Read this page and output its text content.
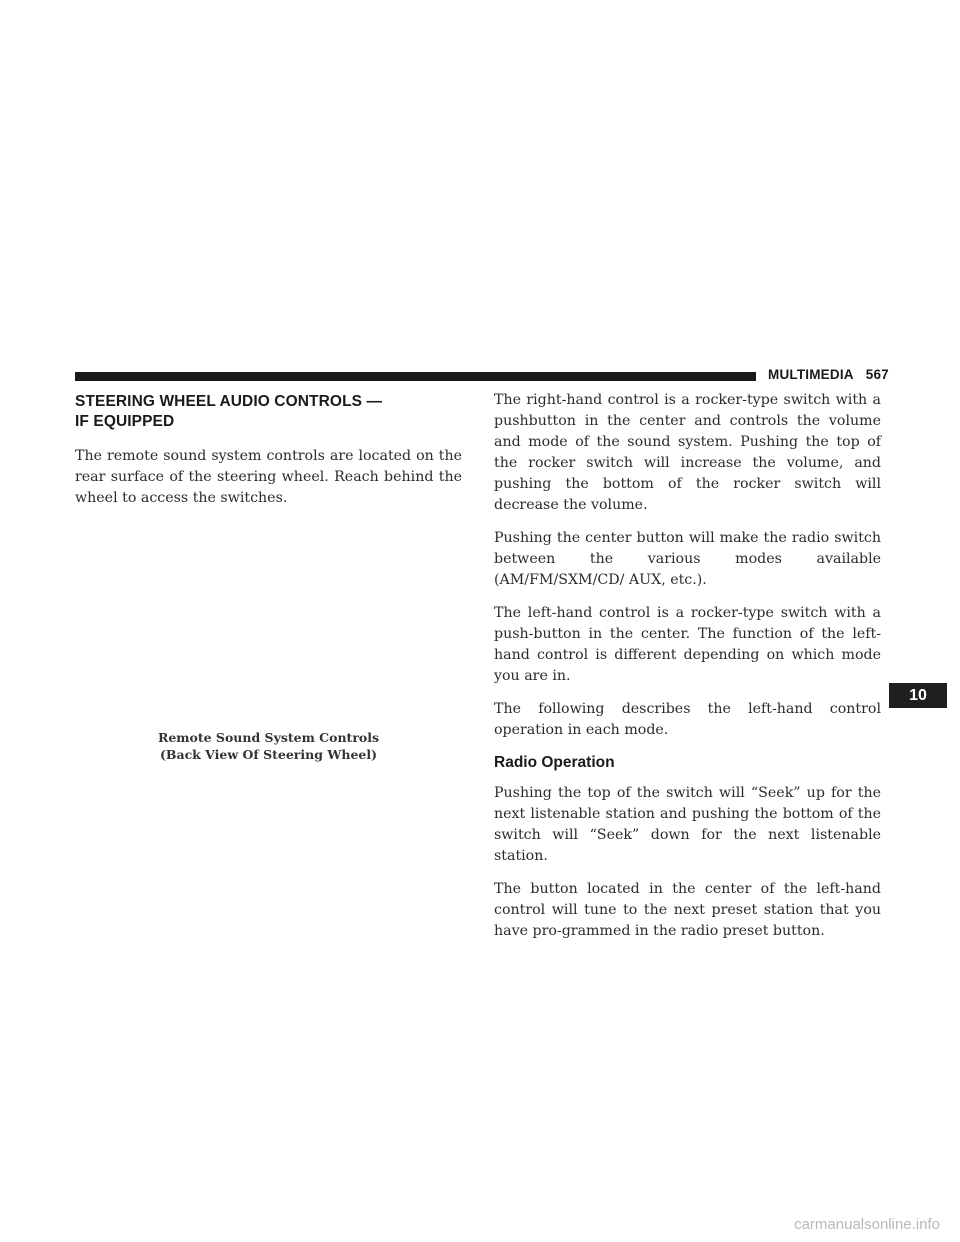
MULTIMEDIA 567
STEERING WHEEL AUDIO CONTROLS —
IF EQUIPPED

The remote sound system controls are located on the rear surface of the steering wheel. Reach behind the wheel to access the switches.

Remote Sound System Controls
(Back View Of Steering Wheel)

The right-hand control is a rocker-type switch with a pushbutton in the center and controls the volume and mode of the sound system. Pushing the top of the rocker switch will increase the volume, and pushing the bottom of the rocker switch will decrease the volume.

Pushing the center button will make the radio switch between the various modes available (AM/FM/SXM/CD/ AUX, etc.).

The left-hand control is a rocker-type switch with a push-button in the center. The function of the left-hand control is different depending on which mode you are in.

The following describes the left-hand control operation in each mode.

Radio Operation

Pushing the top of the switch will “Seek” up for the next listenable station and pushing the bottom of the switch will “Seek” down for the next listenable station.

The button located in the center of the left-hand control will tune to the next preset station that you have pro-grammed in the radio preset button.

10
carmanualsonline.info
